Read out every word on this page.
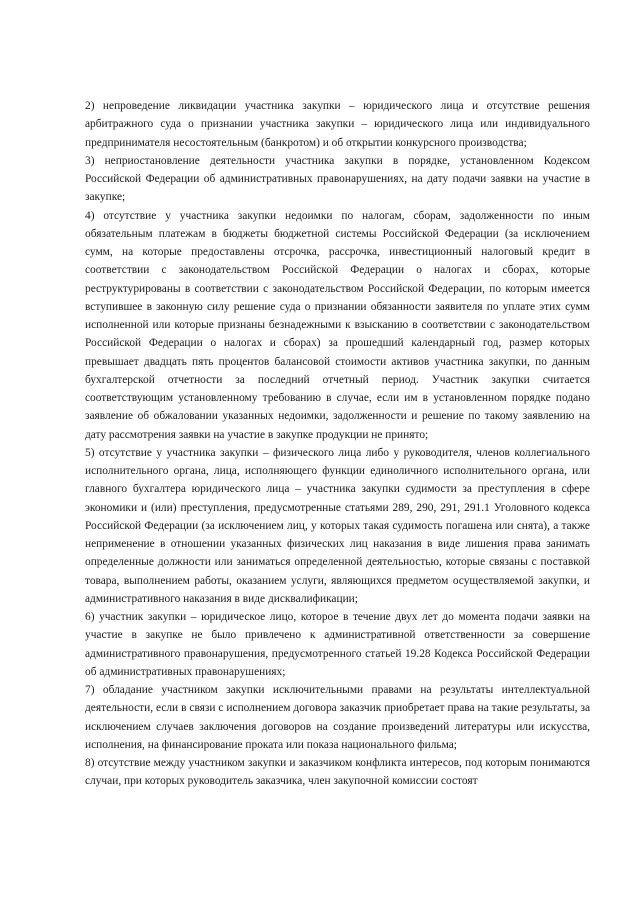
2) непроведение ликвидации участника закупки – юридического лица и отсутствие решения арбитражного суда о признании участника закупки – юридического лица или индивидуального предпринимателя несостоятельным (банкротом) и об открытии конкурсного производства;

3) неприостановление деятельности участника закупки в порядке, установленном Кодексом Российской Федерации об административных правонарушениях, на дату подачи заявки на участие в закупке;

4) отсутствие у участника закупки недоимки по налогам, сборам, задолженности по иным обязательным платежам в бюджеты бюджетной системы Российской Федерации (за исключением сумм, на которые предоставлены отсрочка, рассрочка, инвестиционный налоговый кредит в соответствии с законодательством Российской Федерации о налогах и сборах, которые реструктурированы в соответствии с законодательством Российской Федерации, по которым имеется вступившее в законную силу решение суда о признании обязанности заявителя по уплате этих сумм исполненной или которые признаны безнадежными к взысканию в соответствии с законодательством Российской Федерации о налогах и сборах) за прошедший календарный год, размер которых превышает двадцать пять процентов балансовой стоимости активов участника закупки, по данным бухгалтерской отчетности за последний отчетный период. Участник закупки считается соответствующим установленному требованию в случае, если им в установленном порядке подано заявление об обжаловании указанных недоимки, задолженности и решение по такому заявлению на дату рассмотрения заявки на участие в закупке продукции не принято;

5) отсутствие у участника закупки – физического лица либо у руководителя, членов коллегиального исполнительного органа, лица, исполняющего функции единоличного исполнительного органа, или главного бухгалтера юридического лица – участника закупки судимости за преступления в сфере экономики и (или) преступления, предусмотренные статьями 289, 290, 291, 291.1 Уголовного кодекса Российской Федерации (за исключением лиц, у которых такая судимость погашена или снята), а также неприменение в отношении указанных физических лиц наказания в виде лишения права занимать определенные должности или заниматься определенной деятельностью, которые связаны с поставкой товара, выполнением работы, оказанием услуги, являющихся предметом осуществляемой закупки, и административного наказания в виде дисквалификации;

6) участник закупки – юридическое лицо, которое в течение двух лет до момента подачи заявки на участие в закупке не было привлечено к административной ответственности за совершение административного правонарушения, предусмотренного статьей 19.28 Кодекса Российской Федерации об административных правонарушениях;

7) обладание участником закупки исключительными правами на результаты интеллектуальной деятельности, если в связи с исполнением договора заказчик приобретает права на такие результаты, за исключением случаев заключения договоров на создание произведений литературы или искусства, исполнения, на финансирование проката или показа национального фильма;

8) отсутствие между участником закупки и заказчиком конфликта интересов, под которым понимаются случаи, при которых руководитель заказчика, член закупочной комиссии состоят
